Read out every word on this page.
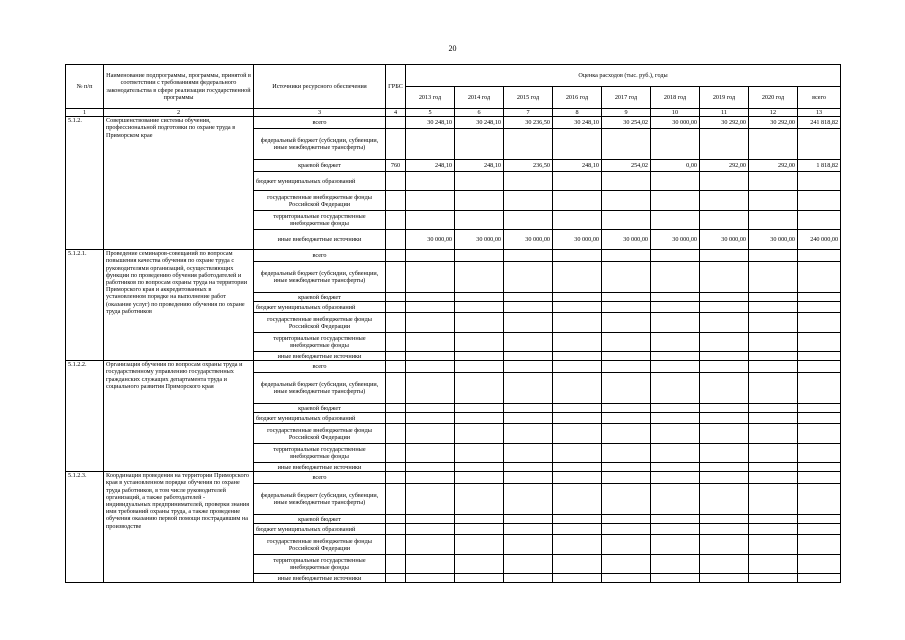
20
№ п/п	Наименование подпрограммы, программы, принятой в соответствии с требованиями федерального законодательства в сфере реализации государственной программы	Источники ресурсного обеспечения	ГРБС	Оценка расходов (тыс. руб.), годы								
				2013 год	2014 год	2015 год	2016 год	2017 год	2018 год	2019 год	2020 год	всего
1	2	3	4	5	6	7	8	9	10	11	12	13
5.1.2.	Совершенствование системы обучения, профессиональной подготовки по охране труда в Приморском крае	всего		30 248,10	30 248,10	30 236,50	30 248,10	30 254,02	30 000,00	30 292,00	30 292,00	241 818,82
		федеральный бюджет (субсидии, субвенции, иные межбюджетные трансферты)										
		краевой бюджет	760	248,10	248,10	236,50	248,10	254,02	0,00	292,00	292,00	1 818,82
		бюджет муниципальных образований										
		государственные внебюджетные фонды Российской Федерации										
		территориальные государственные внебюджетные фонды										
		иные внебюджетные источники		30 000,00	30 000,00	30 000,00	30 000,00	30 000,00	30 000,00	30 000,00	30 000,00	240 000,00
5.1.2.1.	Проведение семинаров-совещаний по вопросам повышения качества обучения по охране труда с руководителями организаций, осуществляющих функции по проведению обучения работодателей и работников по вопросам охраны труда на территории Приморского края и аккредитованных в установленном порядке на выполнение работ (оказание услуг) по проведению обучения по охране труда работников	всего										
		федеральный бюджет (субсидии, субвенции, иные межбюджетные трансферты)										
		краевой бюджет										
		бюджет муниципальных образований										
		государственные внебюджетные фонды Российской Федерации										
		территориальные государственные внебюджетные фонды										
		иные внебюджетные источники										
5.1.2.2.	Организация обучения по вопросам охраны труда и государственному управлению государственных гражданских служащих департамента труда и социального развития Приморского края	всего										
		федеральный бюджет (субсидии, субвенции, иные межбюджетные трансферты)										
		краевой бюджет										
		бюджет муниципальных образований										
		государственные внебюджетные фонды Российской Федерации										
		территориальные государственные внебюджетные фонды										
		иные внебюджетные источники										
5.1.2.3.	Координация проведения на территории Приморского края в установленном порядке обучения по охране труда работников, в том числе руководителей организаций, а также работодателей - индивидуальных предпринимателей, проверки знания ими требований охраны труда, а также проведение обучения оказанию первой помощи пострадавшим на производстве	всего										
		федеральный бюджет (субсидии, субвенции, иные межбюджетные трансферты)										
		краевой бюджет										
		бюджет муниципальных образований										
		государственные внебюджетные фонды Российской Федерации										
		территориальные государственные внебюджетные фонды										
		иные внебюджетные источники										
